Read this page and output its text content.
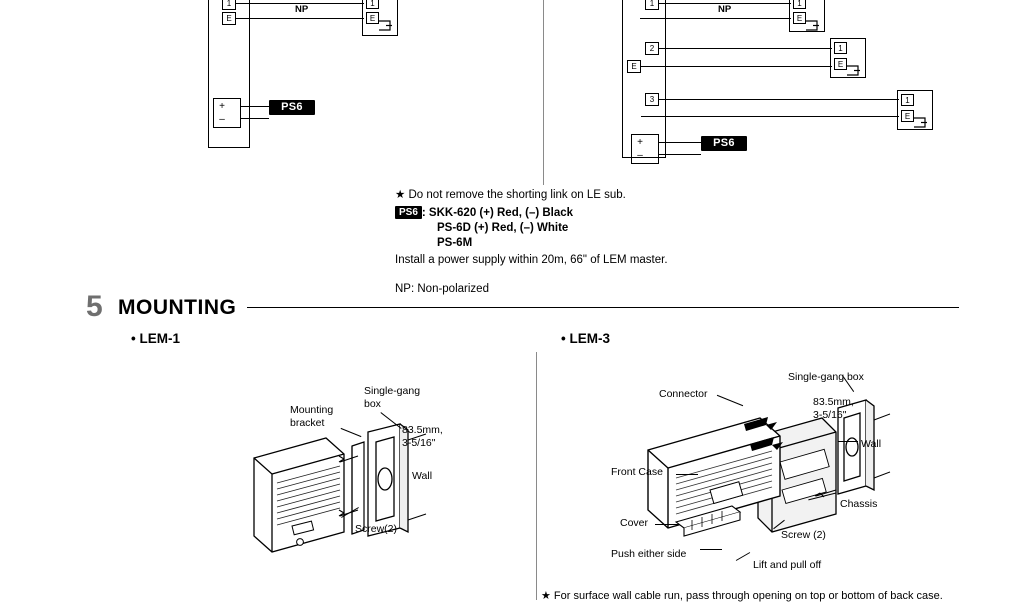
1
E
NP
1
E
+
–
PS6
1
NP
1
E
2
E
1
E
3	1
E
+
–
PS6
★ Do not remove the shorting link on LE sub.
PS6 : SKK-620 (+) Red, (–) Black
PS-6D (+) Red, (–) White
PS-6M
Install a power supply within 20m, 66" of LEM master.
NP: Non-polarized
5 MOUNTING
• LEM-1	• LEM-3
Single-gang
box
Mounting
bracket
83.5mm,
3-5/16"
Wall
Screw(2)
Connector
Single-gang box
83.5mm,
3-5/16"
Wall
Front Case
Chassis
Cover
Screw (2)
Push either side
Lift and pull off
★ For surface wall cable run, pass through opening on top or bottom of back case.
